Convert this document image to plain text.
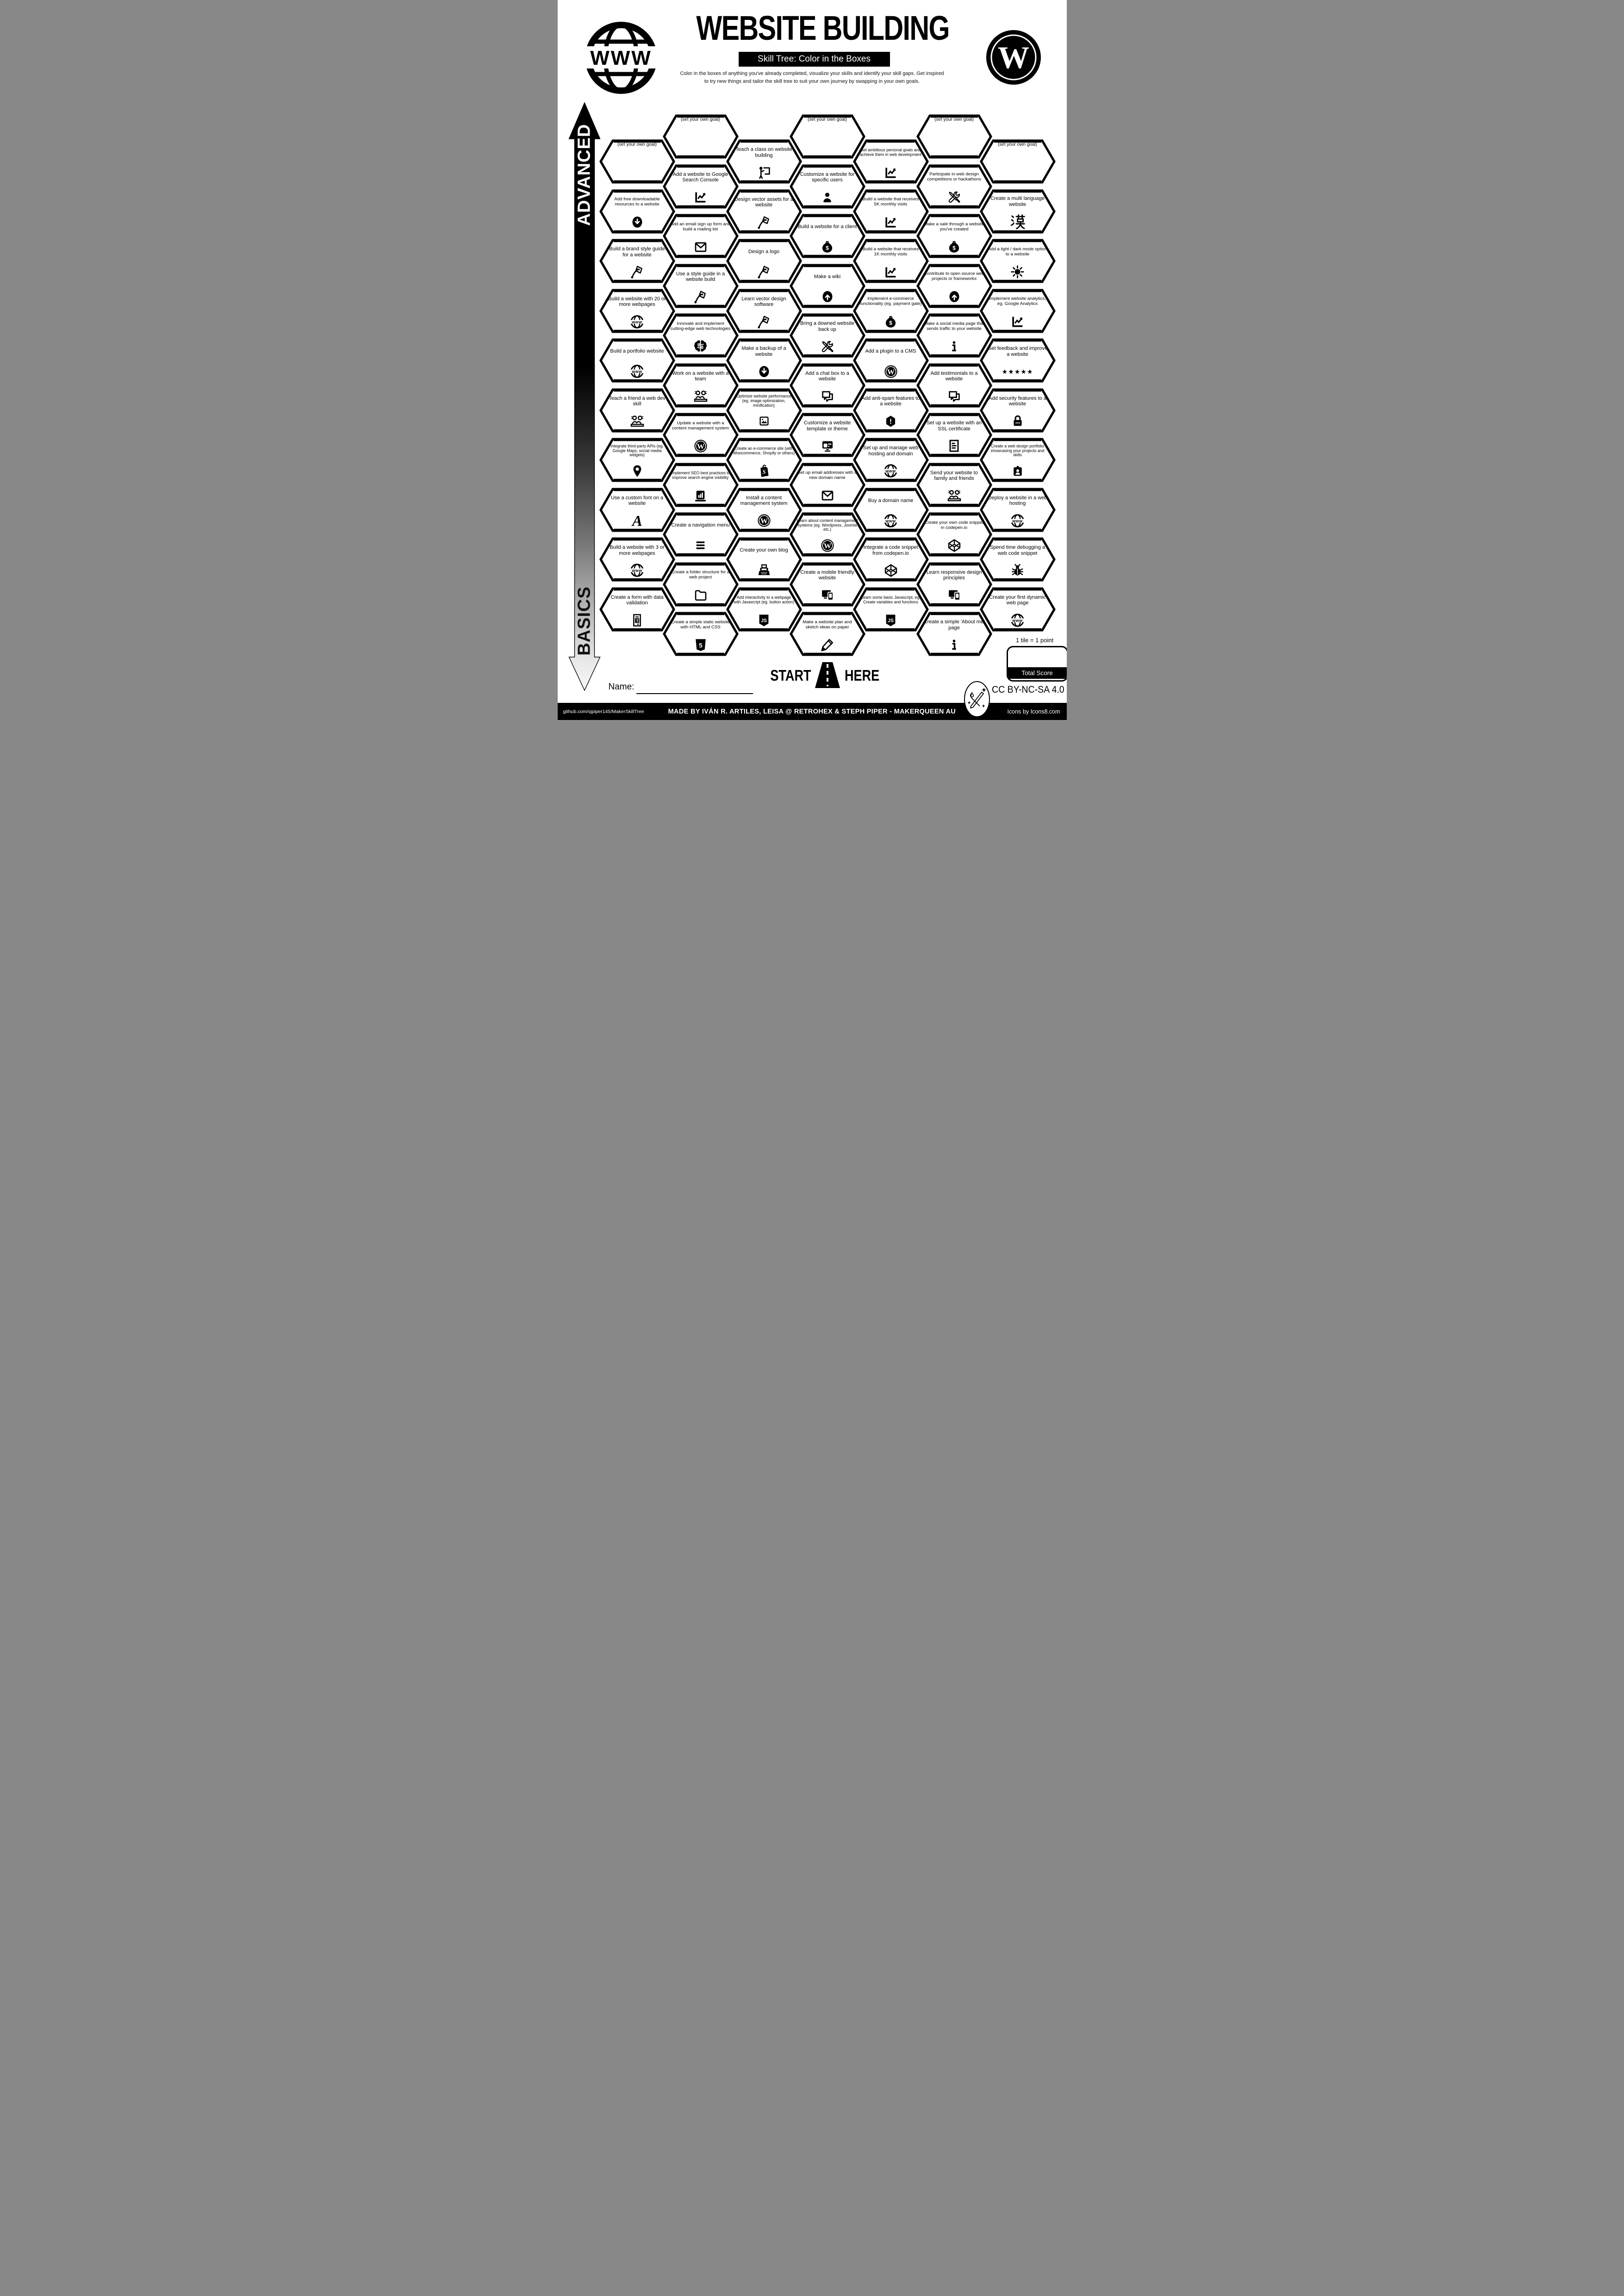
WWW
WEBSITE BUILDING
Skill Tree: Color in the Boxes
Color in the boxes of anything you've already completed, visualize your skills and identify your skill gaps. Get inspired
to try new things and tailor the skill tree to suit your own journey by swapping in your own goals.
W
ADVANCED
BASICS
(set your own goal)
Add free downloadable resources to a website
Build a brand style guide for a website
Build a website with 20 or more webpages
www
Build a portfolio website
www
Teach a friend a web dev skill
Integrate third-party APIs (eg. Google Maps, social media widgets)
Use a custom font on a website
A
Build a website with 3 or more webpages
www
Create a form with data validation
(set your own goal)
Add a website to Google Search Console
Add an email sign up form and build a mailing list
Use a style guide in a website build
Innovate and implement cutting-edge web technologies
Work on a website with a team
Update a website with a content management system
W
Implement SEO best practices to improve search engine visibility
Create a navigation menu
Create a folder structure for a web project
Create a simple static website with HTML and CSS
5
Teach a class on website building
Design vector assets for a website
Design a logo
Learn vector design software
Make a backup of a website
Optimize website performance (eg. image optimization, minification)
Create an e-commerce site (with Woocommerce, Shopify or others)
S
Install a content management system
W
Create your own blog
Add interactivity to a webpage with Javascript (eg. button action)
JS
(set your own goal)
Customize a website for specific users
Build a website for a client
$
Make a wiki
Bring a downed website back up
Add a chat box to a website
Customize a website template or theme
Set up email addresses with a new domain name
Learn about content management systems (eg. Wordpress, Joomla etc.)
W
Create a mobile friendly website
Make a website plan and sketch ideas on paper
Set ambitious personal goals and achieve them in web development
Build a website that receives 5K monthly visits
Build a website that receives 1K monthly visits
Implement e-commerce functionality (eg. payment gate)
$
Add a plugin to a CMS
W
Add anti-spam features to a website
!
Set up and manage web hosting and domain
www
Buy a domain name
www
Integrate a code snippet from codepen.io
Learn some basic Javascript, eg. Create variables and functions
JS
(set your own goal)
Participate in web design competitions or hackathons
Make a sale through a website you've created
$
Contribute to open source web projects or frameworks
Make a social media page that sends traffic to your website
Add testimonials to a website
Set up a website with an SSL certificate
Send your website to family and friends
Create your own code snippet in codepen.io
Learn responsive design principles
Create a simple 'About me' page
(set your own goal)
Create a multi language website
Add a light / dark mode option to a website
Implement website analytics, eg. Google Analytics
Get feedback and improve a website
★★★★★
Add security features to a website
Create a web design portfolio showcasing your projects and skills
Deploy a website in a web hosting
www
Spend time debugging a web code snippet
Create your first dynamic web page
www
START HERE
Name:
1 tile = 1 point
Total Score
CC BY-NC-SA 4.0
github.com/sjpiper145/MakerSkillTree	MADE BY IVÁN R. ARTILES, LEISA @ RETROHEX & STEPH PIPER - MAKERQUEEN AU	Icons by Icons8.com
